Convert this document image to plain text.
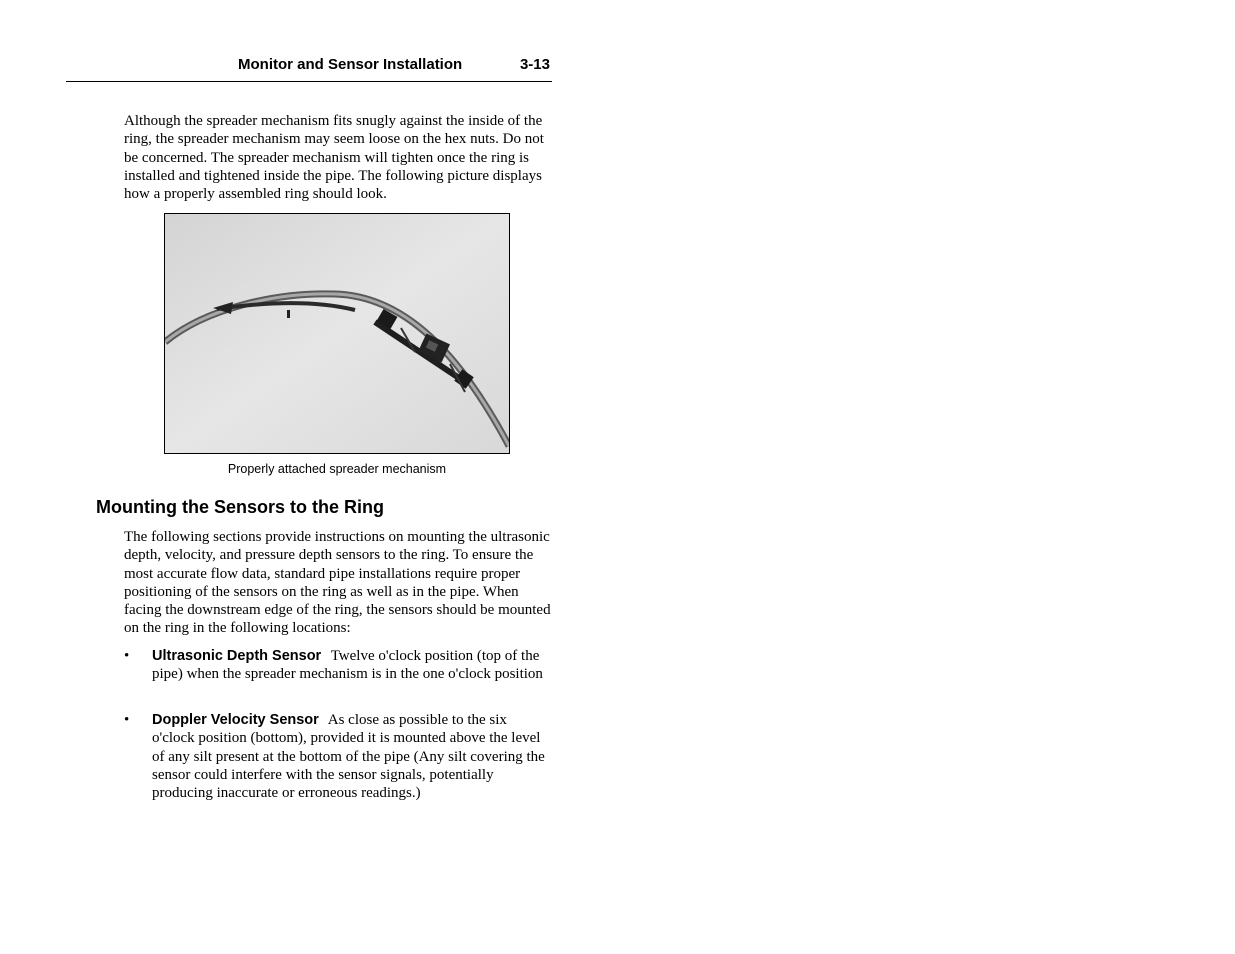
Monitor and Sensor Installation	3-13

Although the spreader mechanism fits snugly against the inside of the ring, the spreader mechanism may seem loose on the hex nuts. Do not be concerned. The spreader mechanism will tighten once the ring is installed and tightened inside the pipe. The following picture displays how a properly assembled ring should look.

Properly attached spreader mechanism
Mounting the Sensors to the Ring

The following sections provide instructions on mounting the ultrasonic depth, velocity, and pressure depth sensors to the ring. To ensure the most accurate flow data, standard pipe installations require proper positioning of the sensors on the ring as well as in the pipe. When facing the downstream edge of the ring, the sensors should be mounted on the ring in the following locations:

• Ultrasonic Depth Sensor Twelve o'clock position (top of the pipe) when the spreader mechanism is in the one o'clock position
• Doppler Velocity Sensor As close as possible to the six o'clock position (bottom), provided it is mounted above the level of any silt present at the bottom of the pipe (Any silt covering the sensor could interfere with the sensor signals, potentially producing inaccurate or erroneous readings.)
